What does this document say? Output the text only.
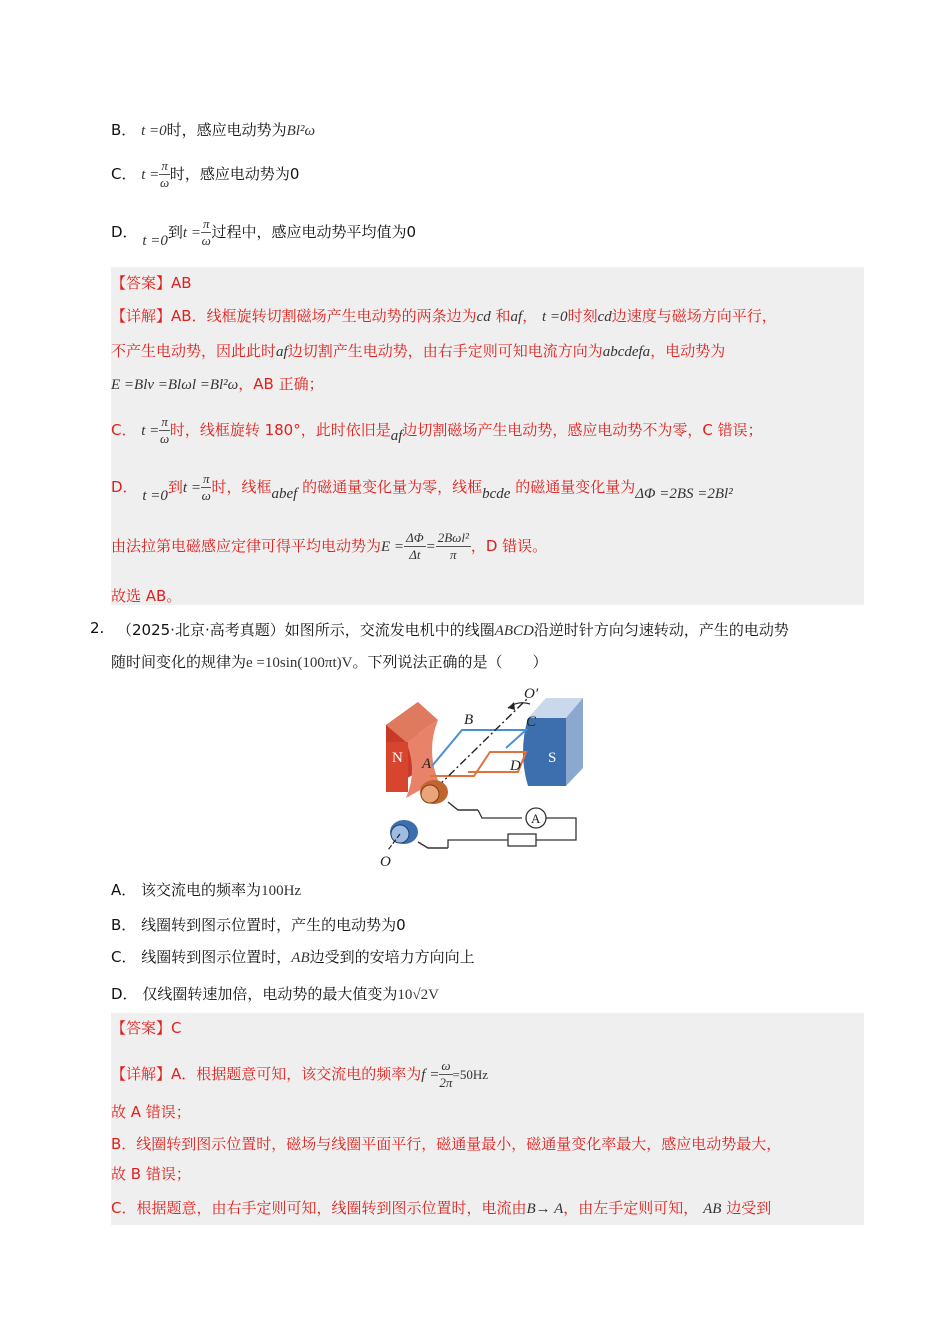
B． t =0时，感应电动势为Bl²ω
C． $t = \frac{\pi}{\omega}$ 时，感应电动势为0
D． t =0到$t = \frac{\pi}{\omega}$ 过程中，感应电动势平均值为0
【答案】AB
【详解】AB．线框旋转切割磁场产生电动势的两条边为cd 和af， t =0时刻cd边速度与磁场方向平行，
不产生电动势，因此此时af边切割产生电动势，由右手定则可知电流方向为abcdefa，电动势为
E =Blv =Blωl =Bl²ω，AB 正确；
C． $t = \frac{\pi}{\omega}$ 时，线框旋转 180°，此时依旧是af边切割磁场产生电动势，感应电动势不为零，C 错误；
D． t =0到$t = \frac{\pi}{\omega}$ 时，线框abef 的磁通量变化量为零，线框bcde 的磁通量变化量为ΔΦ =2BS =2Bl²
由法拉第电磁感应定律可得平均电动势为$E = \frac{\Delta\Phi}{\Delta t} = \frac{\text{2Bωl²}}{\pi}$ ，D 错误。
故选 AB。
2. （2025·北京·高考真题）如图所示，交流发电机中的线圈ABCD沿逆时针方向匀速转动，产生的电动势
随时间变化的规律为e =10sin(100πt)V。下列说法正确的是（　　）
N	S
B	C
A	D
O′
A
O
A． 该交流电的频率为100Hz
B． 线圈转到图示位置时，产生的电动势为0
C． 线圈转到图示位置时，AB边受到的安培力方向向上
D． 仅线圈转速加倍，电动势的最大值变为10√2V
【答案】C
【详解】A．根据题意可知，该交流电的频率为$f = \frac{\omega}{2\pi} =50Hz$
故 A 错误；
B．线圈转到图示位置时，磁场与线圈平面平行，磁通量最小，磁通量变化率最大，感应电动势最大，
故 B 错误；
C．根据题意，由右手定则可知，线圈转到图示位置时，电流由B→ A，由左手定则可知， AB 边受到
